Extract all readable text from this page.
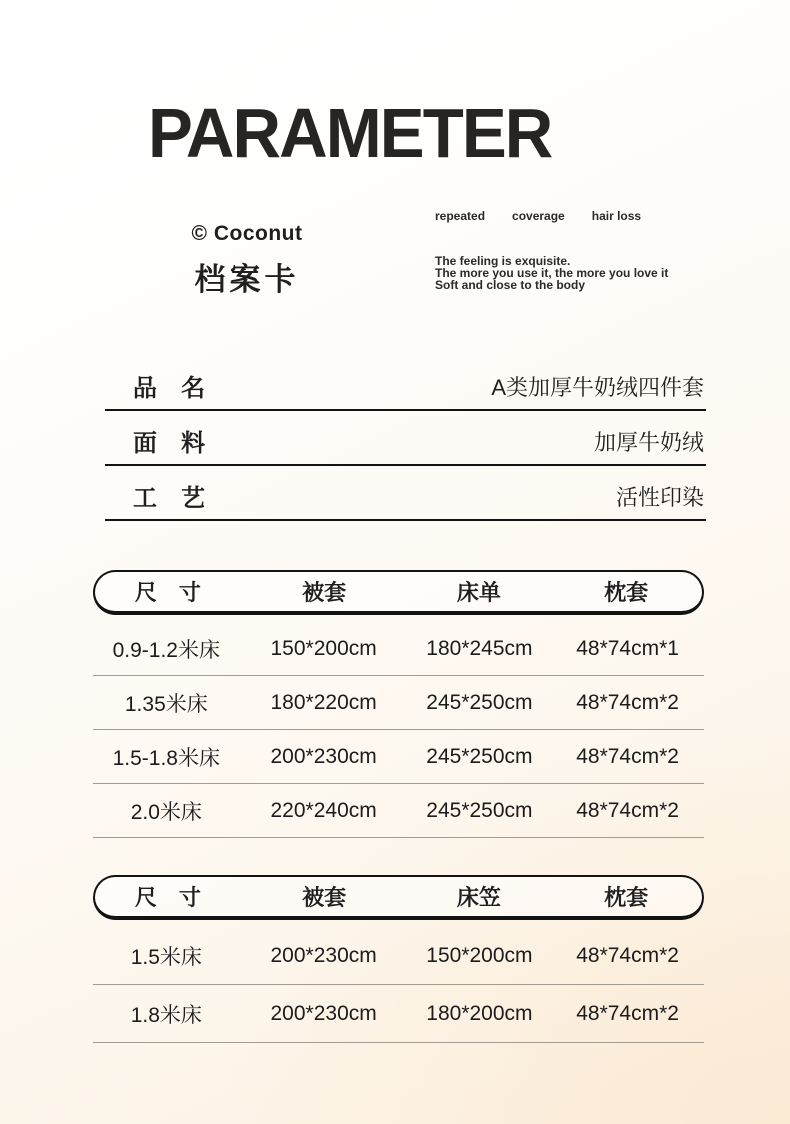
PARAMETER
© Coconut
档案卡
repeated coverage hair loss
The feeling is exquisite.
The more you use it, the more you love it
Soft and close to the body
品　名	A类加厚牛奶绒四件套
面　料	加厚牛奶绒
工　艺	活性印染
尺　寸	被套	床单	枕套
0.9-1.2米床	150*200cm	180*245cm	48*74cm*1
1.35米床	180*220cm	245*250cm	48*74cm*2
1.5-1.8米床	200*230cm	245*250cm	48*74cm*2
2.0米床	220*240cm	245*250cm	48*74cm*2
尺　寸	被套	床笠	枕套
1.5米床	200*230cm	150*200cm	48*74cm*2
1.8米床	200*230cm	180*200cm	48*74cm*2
